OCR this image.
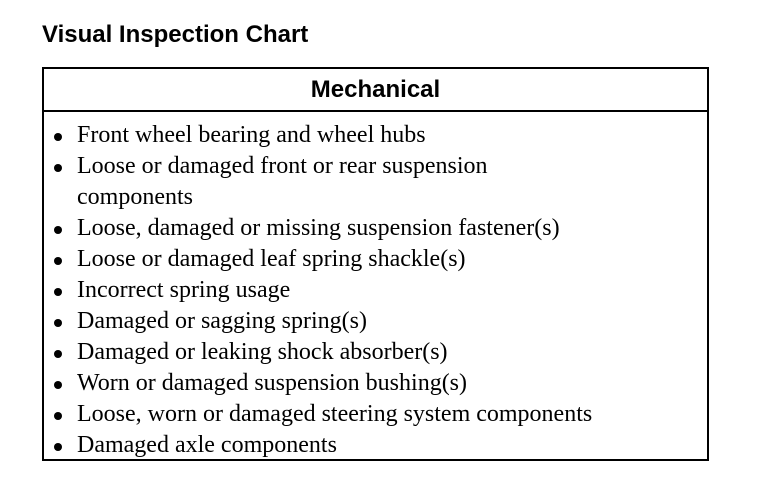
Visual Inspection Chart
Mechanical
Front wheel bearing and wheel hubs
Loose or damaged front or rear suspension
components
Loose, damaged or missing suspension fastener(s)
Loose or damaged leaf spring shackle(s)
Incorrect spring usage
Damaged or sagging spring(s)
Damaged or leaking shock absorber(s)
Worn or damaged suspension bushing(s)
Loose, worn or damaged steering system components
Damaged axle components
